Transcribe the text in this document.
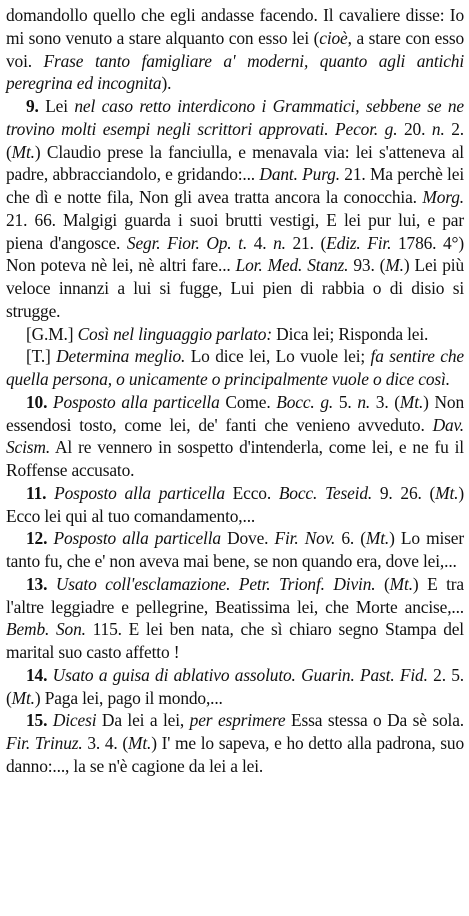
domandollo quello che egli andasse facendo. Il cavaliere disse: Io mi sono venuto a stare alquanto con esso lei (cioè, a stare con esso voi. Frase tanto famigliare a' moderni, quanto agli antichi peregrina ed incognita).

9. Lei nel caso retto interdicono i Grammatici, sebbene se ne trovino molti esempi negli scrittori approvati. Pecor. g. 20. n. 2. (Mt.) Claudio prese la fanciulla, e menavala via: lei s'atteneva al padre, abbracciandolo, e gridando:... Dant. Purg. 21. Ma perchè lei che dì e notte fila, Non gli avea tratta ancora la conocchia. Morg. 21. 66. Malgigi guarda i suoi brutti vestigi, E lei pur lui, e par piena d'angosce. Segr. Fior. Op. t. 4. n. 21. (Ediz. Fir. 1786. 4°) Non poteva nè lei, nè altri fare... Lor. Med. Stanz. 93. (M.) Lei più veloce innanzi a lui si fugge, Lui pien di rabbia o di disio si strugge.

[G.M.] Così nel linguaggio parlato: Dica lei; Risponda lei.

[T.] Determina meglio. Lo dice lei, Lo vuole lei; fa sentire che quella persona, o unicamente o principalmente vuole o dice così.

10. Posposto alla particella Come. Bocc. g. 5. n. 3. (Mt.) Non essendosi tosto, come lei, de' fanti che venieno avveduto. Dav. Scism. Al re vennero in sospetto d'intenderla, come lei, e ne fu il Roffense accusato.

11. Posposto alla particella Ecco. Bocc. Teseid. 9. 26. (Mt.) Ecco lei qui al tuo comandamento,...

12. Posposto alla particella Dove. Fir. Nov. 6. (Mt.) Lo miser tanto fu, che e' non aveva mai bene, se non quando era, dove lei,...

13. Usato coll'esclamazione. Petr. Trionf. Divin. (Mt.) E tra l'altre leggiadre e pellegrine, Beatissima lei, che Morte ancise,... Bemb. Son. 115. E lei ben nata, che sì chiaro segno Stampa del marital suo casto affetto !

14. Usato a guisa di ablativo assoluto. Guarin. Past. Fid. 2. 5. (Mt.) Paga lei, pago il mondo,...

15. Dicesi Da lei a lei, per esprimere Essa stessa o Da sè sola. Fir. Trinuz. 3. 4. (Mt.) I' me lo sapeva, e ho detto alla padrona, suo danno:..., la se n'è cagione da lei a lei.
